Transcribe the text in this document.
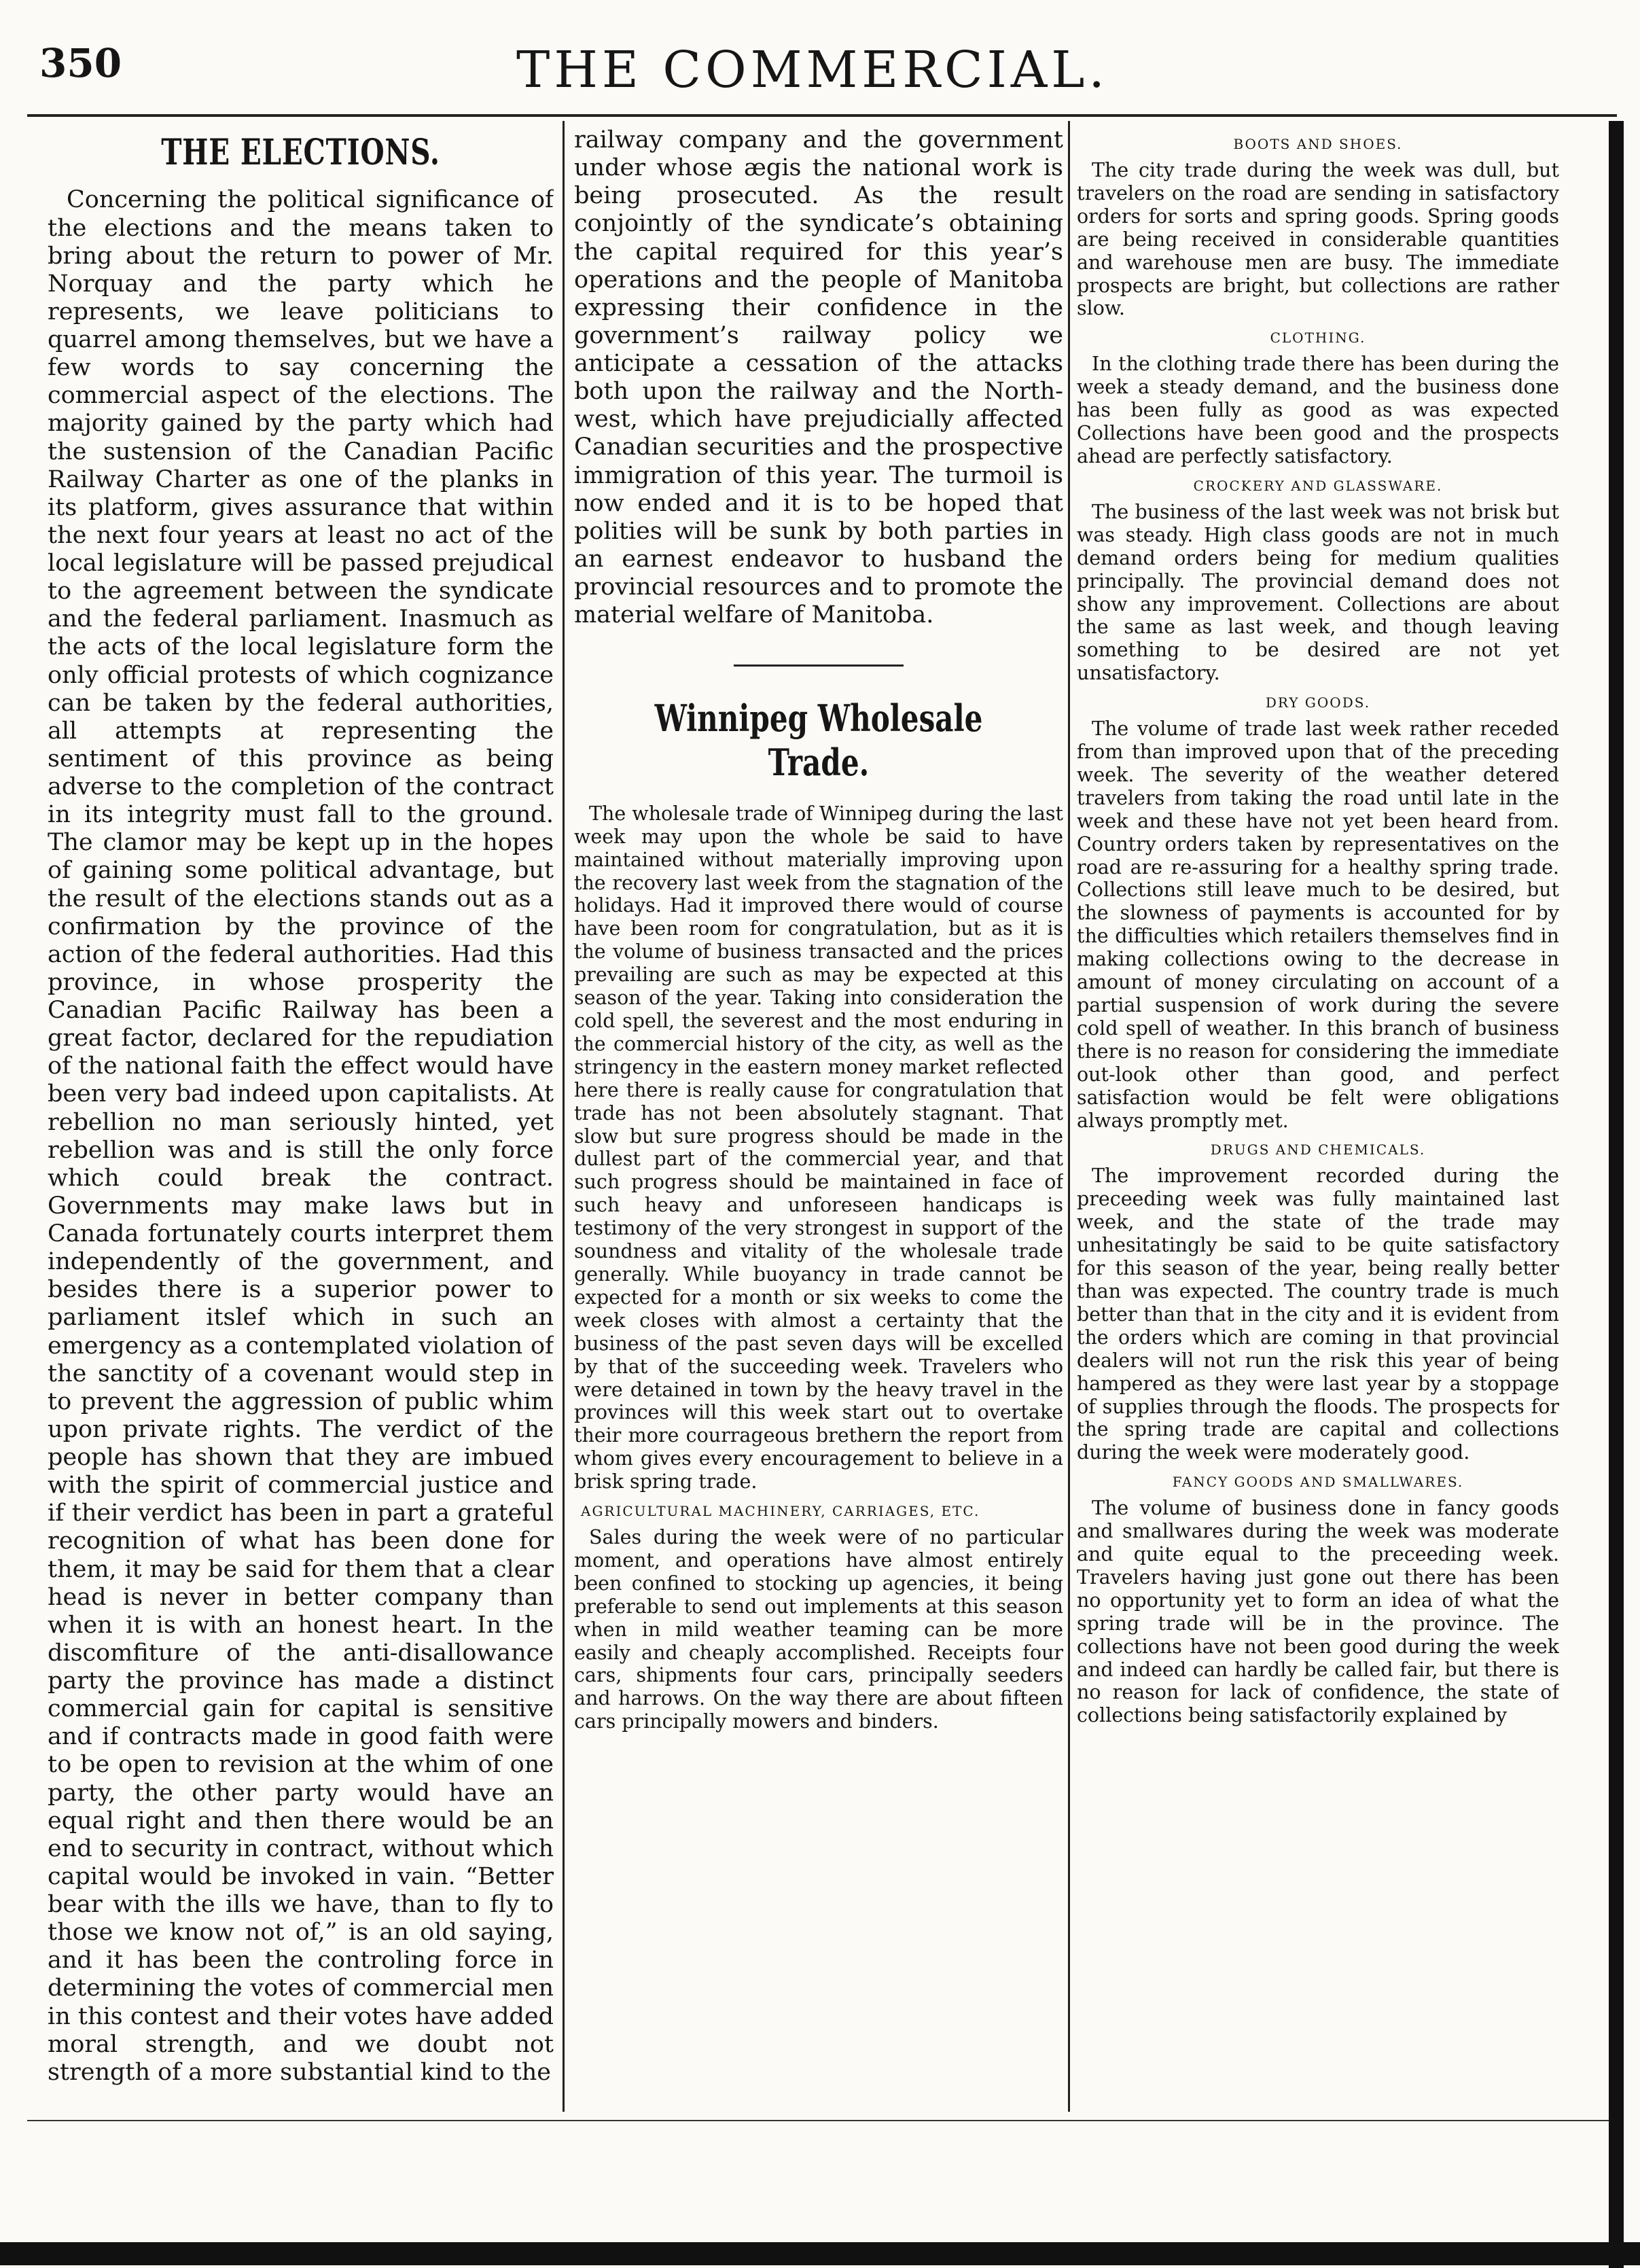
350	THE COMMERCIAL.
THE ELECTIONS.

Concerning the political significance of the elections and the means taken to bring about the return to power of Mr. Norquay and the party which he represents, we leave politicians to quarrel among themselves, but we have a few words to say concerning the commercial aspect of the elections. The majority gained by the party which had the sustension of the Canadian Pacific Railway Charter as one of the planks in its platform, gives assurance that within the next four years at least no act of the local legislature will be passed prejudical to the agreement between the syndicate and the federal parliament. Inasmuch as the acts of the local legislature form the only official protests of which cognizance can be taken by the federal authorities, all attempts at representing the sentiment of this province as being adverse to the completion of the contract in its integrity must fall to the ground. The clamor may be kept up in the hopes of gaining some political advantage, but the result of the elections stands out as a confirmation by the province of the action of the federal authorities. Had this province, in whose prosperity the Canadian Pacific Railway has been a great factor, declared for the repudiation of the national faith the effect would have been very bad indeed upon capitalists. At rebellion no man seriously hinted, yet rebellion was and is still the only force which could break the contract. Governments may make laws but in Canada fortunately courts interpret them independently of the government, and besides there is a superior power to parliament itslef which in such an emergency as a contemplated violation of the sanctity of a covenant would step in to prevent the aggression of public whim upon private rights. The verdict of the people has shown that they are imbued with the spirit of commercial justice and if their verdict has been in part a grateful recognition of what has been done for them, it may be said for them that a clear head is never in better company than when it is with an honest heart. In the discomfiture of the anti-disallowance party the province has made a distinct commercial gain for capital is sensitive and if contracts made in good faith were to be open to revision at the whim of one party, the other party would have an equal right and then there would be an end to security in contract, without which capital would be invoked in vain. “Better bear with the ills we have, than to fly to those we know not of,” is an old saying, and it has been the controling force in determining the votes of commercial men in this contest and their votes have added moral strength, and we doubt not strength of a more substantial kind to the

railway company and the government under whose ægis the national work is being prosecuted. As the result conjointly of the syndicate’s obtaining the capital required for this year’s operations and the people of Manitoba expressing their confidence in the government’s railway policy we anticipate a cessation of the attacks both upon the railway and the North-west, which have prejudicially affected Canadian securities and the prospective immigration of this year. The turmoil is now ended and it is to be hoped that polities will be sunk by both parties in an earnest endeavor to husband the provincial resources and to promote the material welfare of Manitoba.

Winnipeg Wholesale Trade.

The wholesale trade of Winnipeg during the last week may upon the whole be said to have maintained without materially improving upon the recovery last week from the stagnation of the holidays. Had it improved there would of course have been room for congratulation, but as it is the volume of business transacted and the prices prevailing are such as may be expected at this season of the year. Taking into consideration the cold spell, the severest and the most enduring in the commercial history of the city, as well as the stringency in the eastern money market reflected here there is really cause for congratulation that trade has not been absolutely stagnant. That slow but sure progress should be made in the dullest part of the commercial year, and that such progress should be maintained in face of such heavy and unforeseen handicaps is testimony of the very strongest in support of the soundness and vitality of the wholesale trade generally. While buoyancy in trade cannot be expected for a month or six weeks to come the week closes with almost a certainty that the business of the past seven days will be excelled by that of the succeeding week. Travelers who were detained in town by the heavy travel in the provinces will this week start out to overtake their more courrageous brethern the report from whom gives every encouragement to believe in a brisk spring trade.

AGRICULTURAL MACHINERY, CARRIAGES, ETC.

Sales during the week were of no particular moment, and operations have almost entirely been confined to stocking up agencies, it being preferable to send out implements at this season when in mild weather teaming can be more easily and cheaply accomplished. Receipts four cars, shipments four cars, principally seeders and harrows. On the way there are about fifteen cars principally mowers and binders.

BOOTS AND SHOES.

The city trade during the week was dull, but travelers on the road are sending in satisfactory orders for sorts and spring goods. Spring goods are being received in considerable quantities and warehouse men are busy. The immediate prospects are bright, but collections are rather slow.

CLOTHING.

In the clothing trade there has been during the week a steady demand, and the business done has been fully as good as was expected Collections have been good and the prospects ahead are perfectly satisfactory.

CROCKERY AND GLASSWARE.

The business of the last week was not brisk but was steady. High class goods are not in much demand orders being for medium qualities principally. The provincial demand does not show any improvement. Collections are about the same as last week, and though leaving something to be desired are not yet unsatisfactory.

DRY GOODS.

The volume of trade last week rather receded from than improved upon that of the preceding week. The severity of the weather detered travelers from taking the road until late in the week and these have not yet been heard from. Country orders taken by representatives on the road are re-assuring for a healthy spring trade. Collections still leave much to be desired, but the slowness of payments is accounted for by the difficulties which retailers themselves find in making collections owing to the decrease in amount of money circulating on account of a partial suspension of work during the severe cold spell of weather. In this branch of business there is no reason for considering the immediate out-look other than good, and perfect satisfaction would be felt were obligations always promptly met.

DRUGS AND CHEMICALS.

The improvement recorded during the preceeding week was fully maintained last week, and the state of the trade may unhesitatingly be said to be quite satisfactory for this season of the year, being really better than was expected. The country trade is much better than that in the city and it is evident from the orders which are coming in that provincial dealers will not run the risk this year of being hampered as they were last year by a stoppage of supplies through the floods. The prospects for the spring trade are capital and collections during the week were moderately good.

FANCY GOODS AND SMALLWARES.

The volume of business done in fancy goods and smallwares during the week was moderate and quite equal to the preceeding week. Travelers having just gone out there has been no opportunity yet to form an idea of what the spring trade will be in the province. The collections have not been good during the week and indeed can hardly be called fair, but there is no reason for lack of confidence, the state of collections being satisfactorily explained by
